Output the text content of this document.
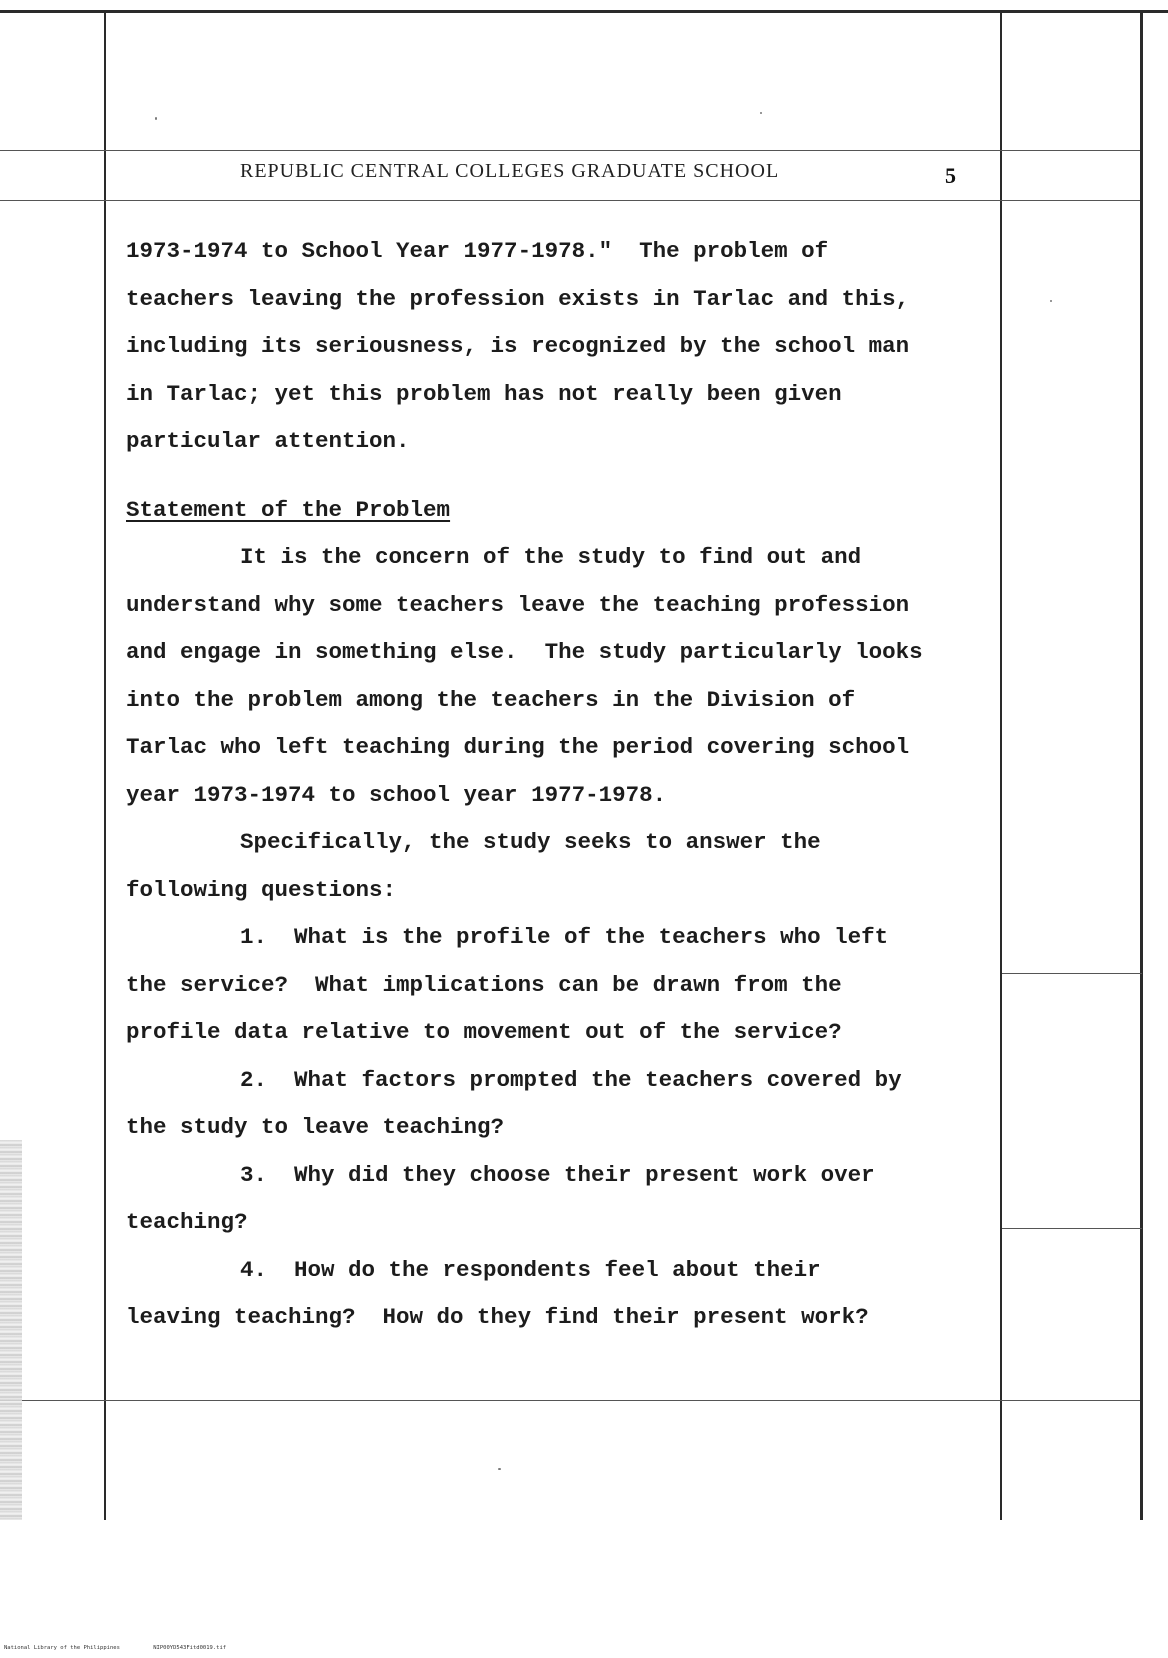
REPUBLIC CENTRAL COLLEGES GRADUATE SCHOOL	5
1973-1974 to School Year 1977-1978."  The problem of
teachers leaving the profession exists in Tarlac and this,
including its seriousness, is recognized by the school man
in Tarlac; yet this problem has not really been given
particular attention.
Statement of the Problem
It is the concern of the study to find out and
understand why some teachers leave the teaching profession
and engage in something else.  The study particularly looks
into the problem among the teachers in the Division of
Tarlac who left teaching during the period covering school
year 1973-1974 to school year 1977-1978.
Specifically, the study seeks to answer the
following questions:
1.  What is the profile of the teachers who left
the service?  What implications can be drawn from the
profile data relative to movement out of the service?
2.  What factors prompted the teachers covered by
the study to leave teaching?
3.  Why did they choose their present work over
teaching?
4.  How do the respondents feel about their
leaving teaching?  How do they find their present work?
National Library of the Philippines	NIP00YD543Fitd0019.tif
